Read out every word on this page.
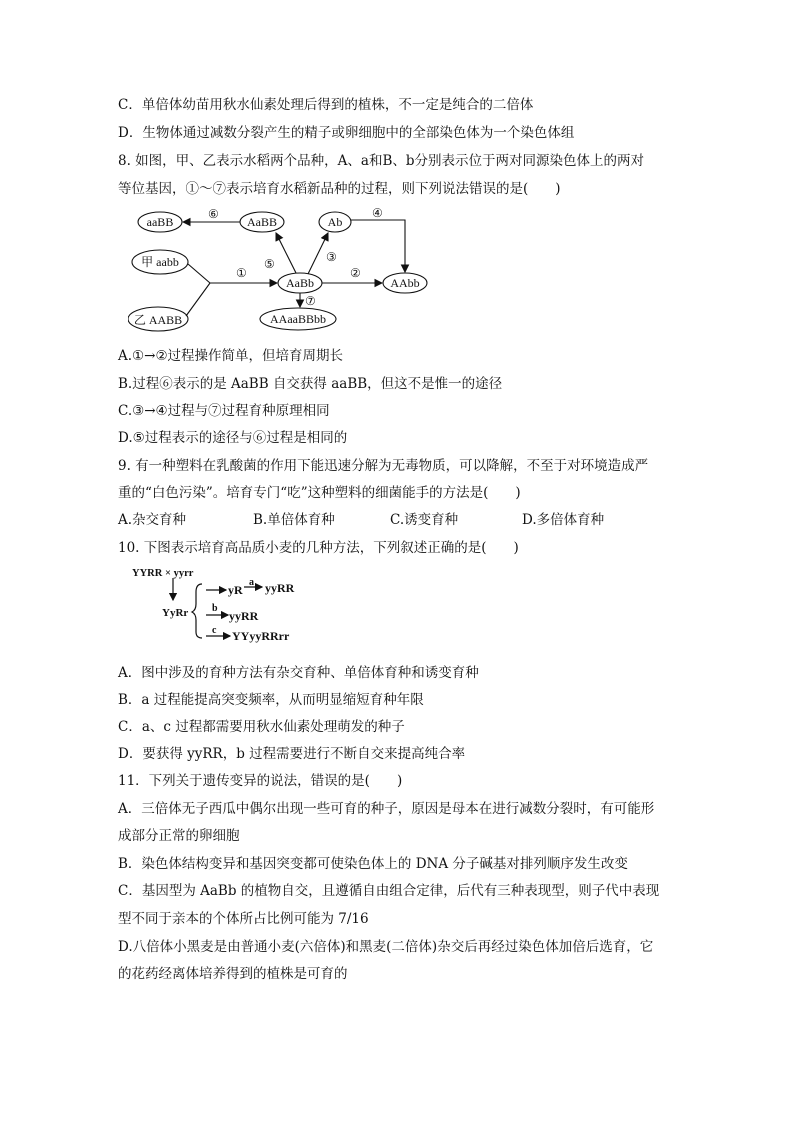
C．单倍体幼苗用秋水仙素处理后得到的植株，不一定是纯合的二倍体
D．生物体通过减数分裂产生的精子或卵细胞中的全部染色体为一个染色体组
8. 如图，甲、乙表示水稻两个品种，A、a和B、b分别表示位于两对同源染色体上的两对
等位基因，①～⑦表示培育水稻新品种的过程，则下列说法错误的是(　　)
aaBB	AaBB	Ab
甲 aabb
AaBb	AAbb
乙 AABB	AAaaBBbb
①	②
③
④
⑤
⑥
⑦
A.①→②过程操作简单，但培育周期长
B.过程⑥表示的是 AaBB 自交获得 aaBB，但这不是惟一的途径
C.③→④过程与⑦过程育种原理相同
D.⑤过程表示的途径与⑥过程是相同的
9. 有一种塑料在乳酸菌的作用下能迅速分解为无毒物质，可以降解，不至于对环境造成严
重的“白色污染”。培育专门“吃”这种塑料的细菌能手的方法是(　　)
A.杂交育种	B.单倍体育种	C.诱变育种	D.多倍体育种
10. 下图表示培育高品质小麦的几种方法，下列叙述正确的是(　　)
YYRR × yyrr
YyRr
yR
a yyRR
b
yyRR
c YYyyRRrr
A．图中涉及的育种方法有杂交育种、单倍体育种和诱变育种
B．a 过程能提高突变频率，从而明显缩短育种年限
C．a、c 过程都需要用秋水仙素处理萌发的种子
D．要获得 yyRR，b 过程需要进行不断自交来提高纯合率
11．下列关于遗传变异的说法，错误的是(　　)
A．三倍体无子西瓜中偶尔出现一些可育的种子，原因是母本在进行减数分裂时，有可能形
成部分正常的卵细胞
B．染色体结构变异和基因突变都可使染色体上的 DNA 分子碱基对排列顺序发生改变
C．基因型为 AaBb 的植物自交，且遵循自由组合定律，后代有三种表现型，则子代中表现
型不同于亲本的个体所占比例可能为 7/16
D.八倍体小黑麦是由普通小麦(六倍体)和黑麦(二倍体)杂交后再经过染色体加倍后选育，它
的花药经离体培养得到的植株是可育的
